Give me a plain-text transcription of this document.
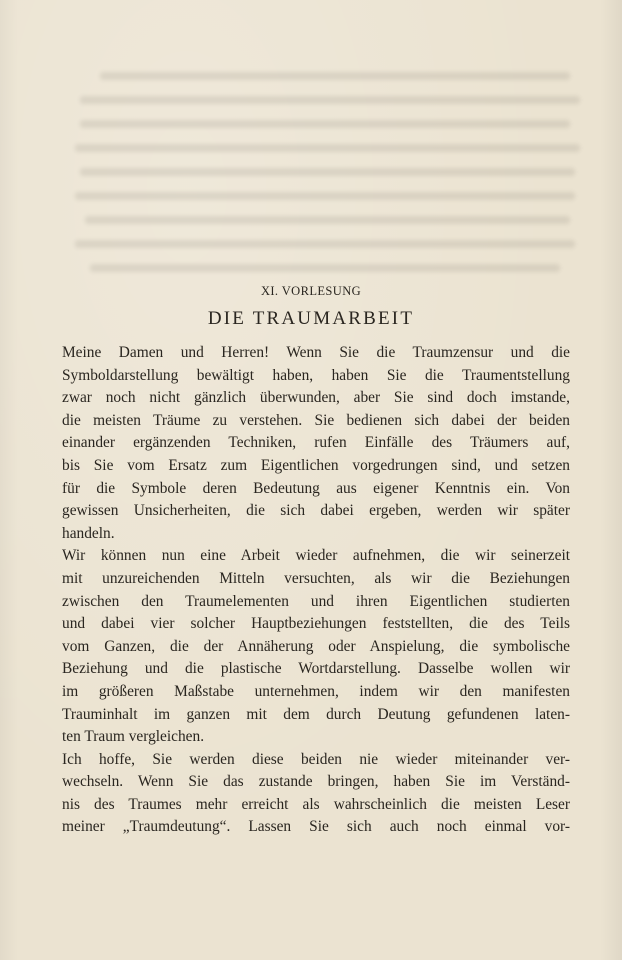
XI. VORLESUNG
DIE TRAUMARBEIT
Meine Damen und Herren! Wenn Sie die Traumzensur und die
Symboldarstellung bewältigt haben, haben Sie die Traumentstellung
zwar noch nicht gänzlich überwunden, aber Sie sind doch imstande,
die meisten Träume zu verstehen. Sie bedienen sich dabei der beiden
einander ergänzenden Techniken, rufen Einfälle des Träumers auf,
bis Sie vom Ersatz zum Eigentlichen vorgedrungen sind, und setzen
für die Symbole deren Bedeutung aus eigener Kenntnis ein. Von
gewissen Unsicherheiten, die sich dabei ergeben, werden wir später
handeln.
Wir können nun eine Arbeit wieder aufnehmen, die wir seinerzeit
mit unzureichenden Mitteln versuchten, als wir die Beziehungen
zwischen den Traumelementen und ihren Eigentlichen studierten
und dabei vier solcher Hauptbeziehungen feststellten, die des Teils
vom Ganzen, die der Annäherung oder Anspielung, die symbolische
Beziehung und die plastische Wortdarstellung. Dasselbe wollen wir
im größeren Maßstabe unternehmen, indem wir den manifesten
Trauminhalt im ganzen mit dem durch Deutung gefundenen laten-
ten Traum vergleichen.
Ich hoffe, Sie werden diese beiden nie wieder miteinander ver-
wechseln. Wenn Sie das zustande bringen, haben Sie im Verständ-
nis des Traumes mehr erreicht als wahrscheinlich die meisten Leser
meiner „Traumdeutung“. Lassen Sie sich auch noch einmal vor-
